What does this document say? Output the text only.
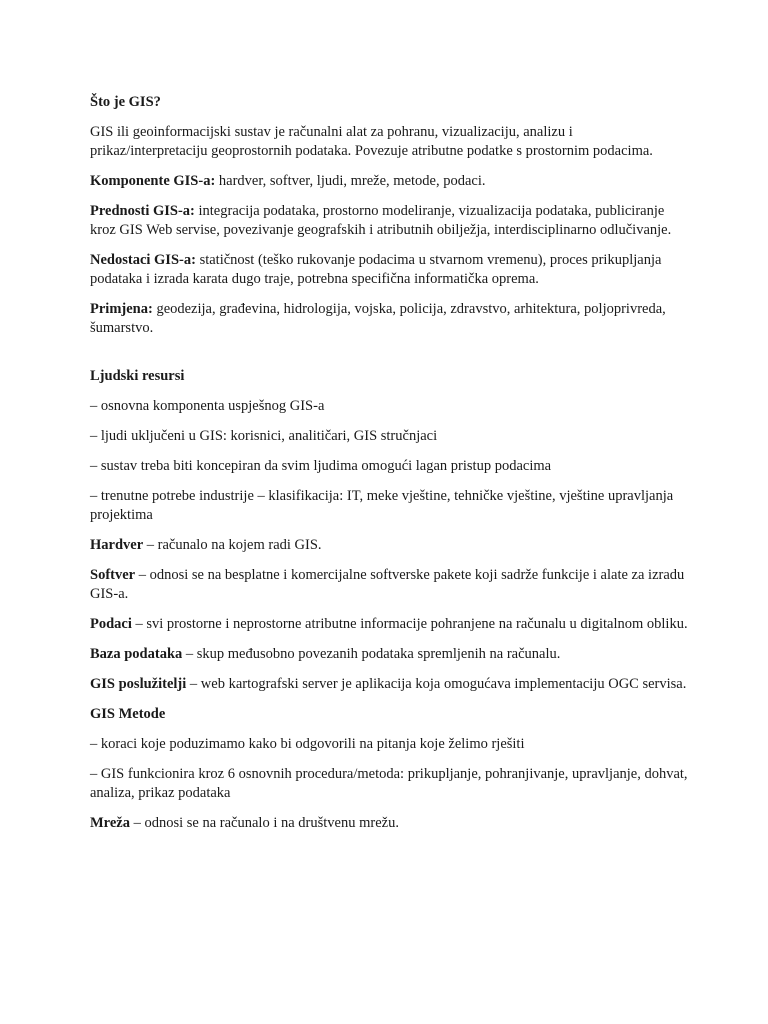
Što je GIS?

GIS ili geoinformacijski sustav je računalni alat za pohranu, vizualizaciju, analizu i prikaz/interpretaciju geoprostornih podataka. Povezuje atributne podatke s prostornim podacima.

Komponente GIS-a: hardver, softver, ljudi, mreže, metode, podaci.

Prednosti GIS-a: integracija podataka, prostorno modeliranje, vizualizacija podataka, publiciranje kroz GIS Web servise, povezivanje geografskih i atributnih obilježja, interdisciplinarno odlučivanje.

Nedostaci GIS-a: statičnost (teško rukovanje podacima u stvarnom vremenu), proces prikupljanja podataka i izrada karata dugo traje, potrebna specifična informatička oprema.

Primjena: geodezija, građevina, hidrologija, vojska, policija, zdravstvo, arhitektura, poljoprivreda, šumarstvo.

Ljudski resursi

– osnovna komponenta uspješnog GIS-a

– ljudi uključeni u GIS: korisnici, analitičari, GIS stručnjaci

– sustav treba biti koncepiran da svim ljudima omogući lagan pristup podacima

– trenutne potrebe industrije – klasifikacija: IT, meke vještine, tehničke vještine, vještine upravljanja projektima

Hardver – računalo na kojem radi GIS.

Softver – odnosi se na besplatne i komercijalne softverske pakete koji sadrže funkcije i alate za izradu GIS-a.

Podaci – svi prostorne i neprostorne atributne informacije pohranjene na računalu u digitalnom obliku.

Baza podataka – skup međusobno povezanih podataka spremljenih na računalu.

GIS poslužitelji – web kartografski server je aplikacija koja omogućava implementaciju OGC servisa.

GIS Metode

– koraci koje poduzimamo kako bi odgovorili na pitanja koje želimo rješiti

– GIS funkcionira kroz 6 osnovnih procedura/metoda: prikupljanje, pohranjivanje, upravljanje, dohvat, analiza, prikaz podataka

Mreža – odnosi se na računalo i na društvenu mrežu.
